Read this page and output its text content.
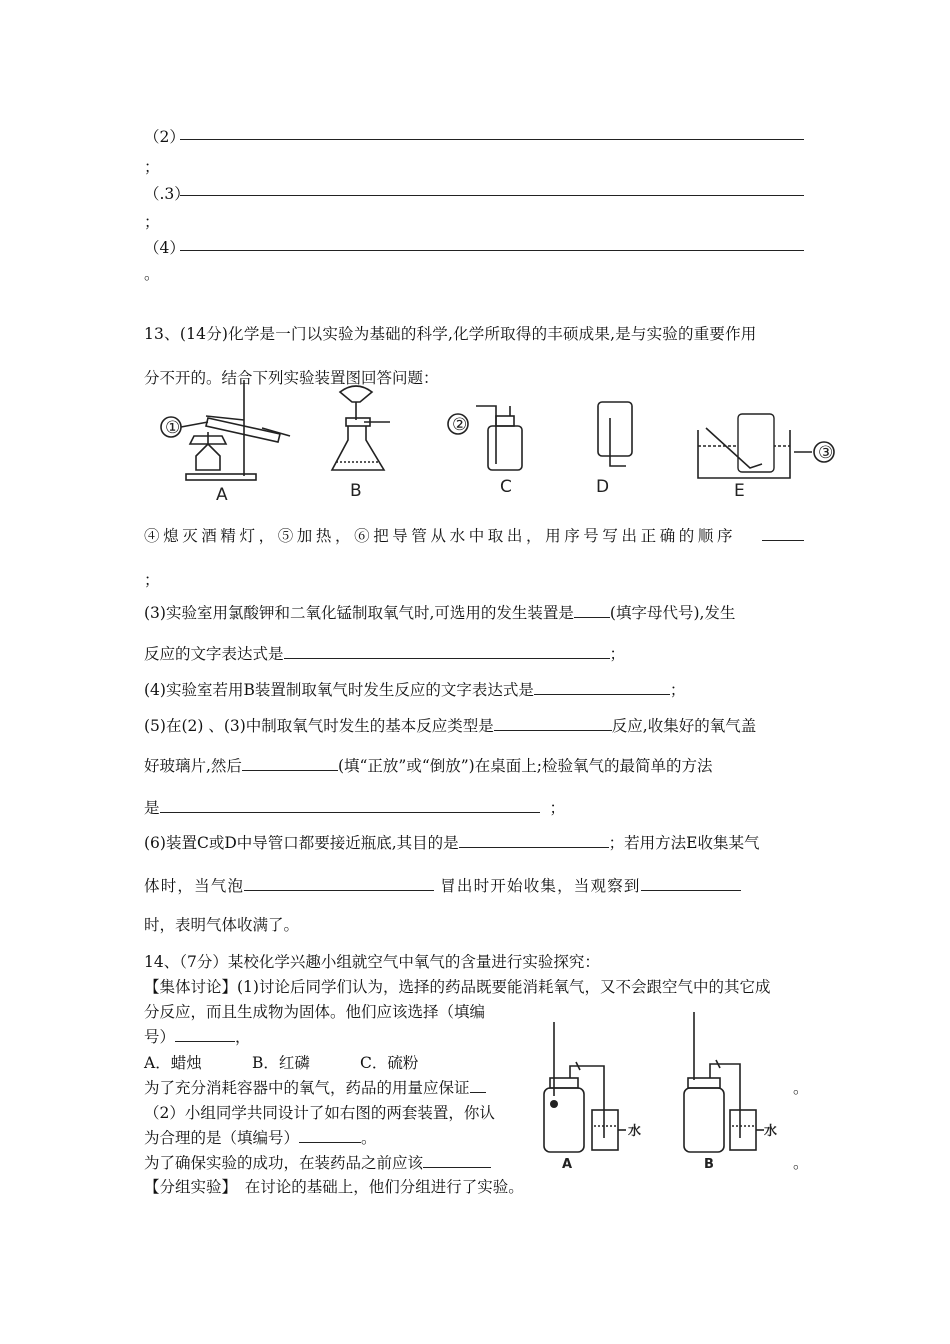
（2）
；
（.3）
；
（4）
。
13、(14分)化学是一门以实验为基础的科学,化学所取得的丰硕成果,是与实验的重要作用
分不开的。结合下列实验装置图回答问题：
①
A	B
②
C	D
③
E
④熄灭酒精灯，⑤加热，⑥把导管从水中取出，用序号写出正确的顺序
；
(3)实验室用氯酸钾和二氧化锰制取氧气时,可选用的发生装置是 (填字母代号),发生
反应的文字表达式是	；
(4)实验室若用B装置制取氧气时发生反应的文字表达式是	；
(5)在(2) 、(3)中制取氧气时发生的基本反应类型是	反应,收集好的氧气盖
好玻璃片,然后	(填“正放”或“倒放”)在桌面上;检验氧气的最简单的方法
是	；
(6)装置C或D中导管口都要接近瓶底,其目的是	；若用方法E收集某气
体时，当气泡	冒出时开始收集，当观察到
时，表明气体收满了。
14、（7分）某校化学兴趣小组就空气中氧气的含量进行实验探究：
【集体讨论】(1)讨论后同学们认为，选择的药品既要能消耗氧气，又不会跟空气中的其它成
分反应，而且生成物为固体。他们应该选择（填编
号）	，
A．蜡烛	B．红磷	C．硫粉
为了充分消耗容器中的氧气，药品的用量应保证	。
（2）小组同学共同设计了如右图的两套装置，你认
为合理的是（填编号）	。
为了确保实验的成功，在装药品之前应该	。
【分组实验】　在讨论的基础上，他们分组进行了实验。
水
A
水
B
